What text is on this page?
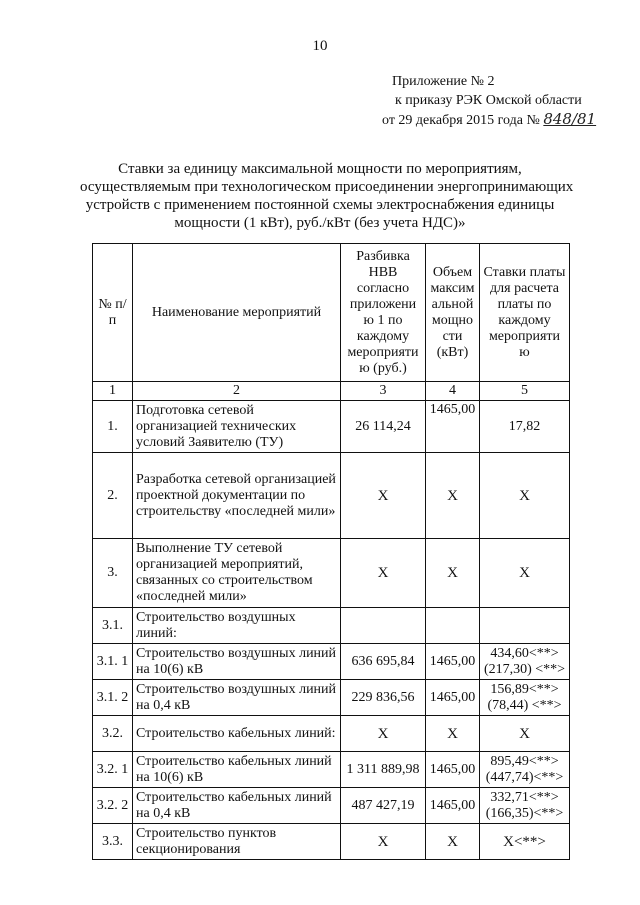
10
Приложение № 2
к приказу РЭК Омской области
от 29 декабря 2015 года № 848/81
Ставки за единицу максимальной мощности по мероприятиям,
осуществляемым при технологическом присоединении энергопринимающих
устройств с применением постоянной схемы электроснабжения единицы
мощности (1 кВт), руб./кВт (без учета НДС)»
№ п/п	Наименование мероприятий	Разбивка НВВ согласно приложени ю 1 по каждому мероприяти ю (руб.)	Объем максим альной мощно сти (кВт)	Ставки платы для расчета платы по каждому мероприяти ю
1	2	3	4	5
1.	Подготовка сетевой организацией технических условий Заявителю (ТУ)	26 114,24	1465,00	17,82
2.	Разработка сетевой организацией проектной документации по строительству «последней мили»	X	X	X
3.	Выполнение ТУ сетевой организацией мероприятий, связанных со строительством «последней мили»	X	X	X
3.1.	Строительство воздушных линий:			
3.1. 1	Строительство воздушных линий на 10(6) кВ	636 695,84	1465,00	434,60<**> (217,30) <**>
3.1. 2	Строительство воздушных линий на 0,4 кВ	229 836,56	1465,00	156,89<**> (78,44) <**>
3.2.	Строительство кабельных линий:	X	X	X
3.2. 1	Строительство кабельных линий на 10(6) кВ	1 311 889,98	1465,00	895,49<**> (447,74)<**>
3.2. 2	Строительство кабельных линий на 0,4 кВ	487 427,19	1465,00	332,71<**> (166,35)<**>
3.3.	Строительство пунктов секционирования	X	X	X<**>
